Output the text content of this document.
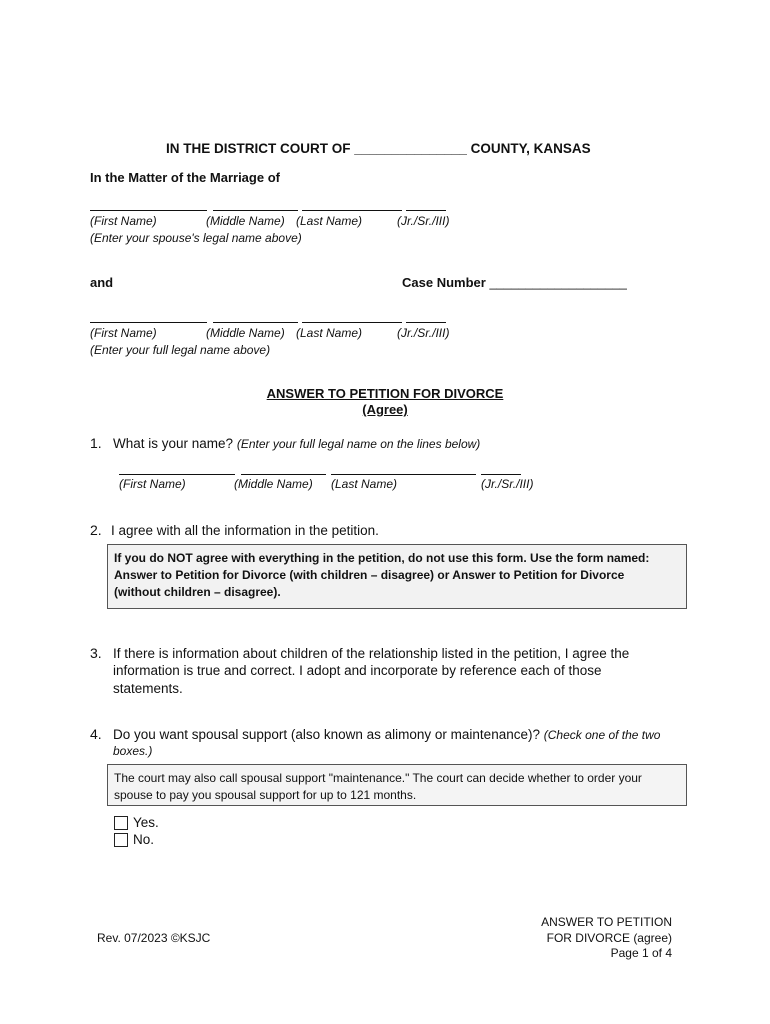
IN THE DISTRICT COURT OF _______________ COUNTY, KANSAS
In the Matter of the Marriage of
(First Name)	(Middle Name) (Last Name)	(Jr./Sr./III)
(Enter your spouse's legal name above)
and	Case Number ___________________
(First Name)	(Middle Name) (Last Name)	(Jr./Sr./III)
(Enter your full legal name above)
ANSWER TO PETITION FOR DIVORCE
(Agree)
1. What is your name? (Enter your full legal name on the lines below)
(First Name)	(Middle Name) (Last Name)	(Jr./Sr./III)
2. I agree with all the information in the petition.

If you do NOT agree with everything in the petition, do not use this form. Use the form named:

Answer to Petition for Divorce (with children – disagree) or Answer to Petition for Divorce

(without children – disagree).

3. If there is information about children of the relationship listed in the petition, I agree the
information is true and correct. I adopt and incorporate by reference each of those
statements.
4. Do you want spousal support (also known as alimony or maintenance)? (Check one of the two
boxes.)

The court may also call spousal support "maintenance." The court can decide whether to order your

spouse to pay you spousal support for up to 121 months.

Yes.
No.
Rev. 07/2023 ©KSJC
ANSWER TO PETITION
FOR DIVORCE (agree)
Page 1 of 4
